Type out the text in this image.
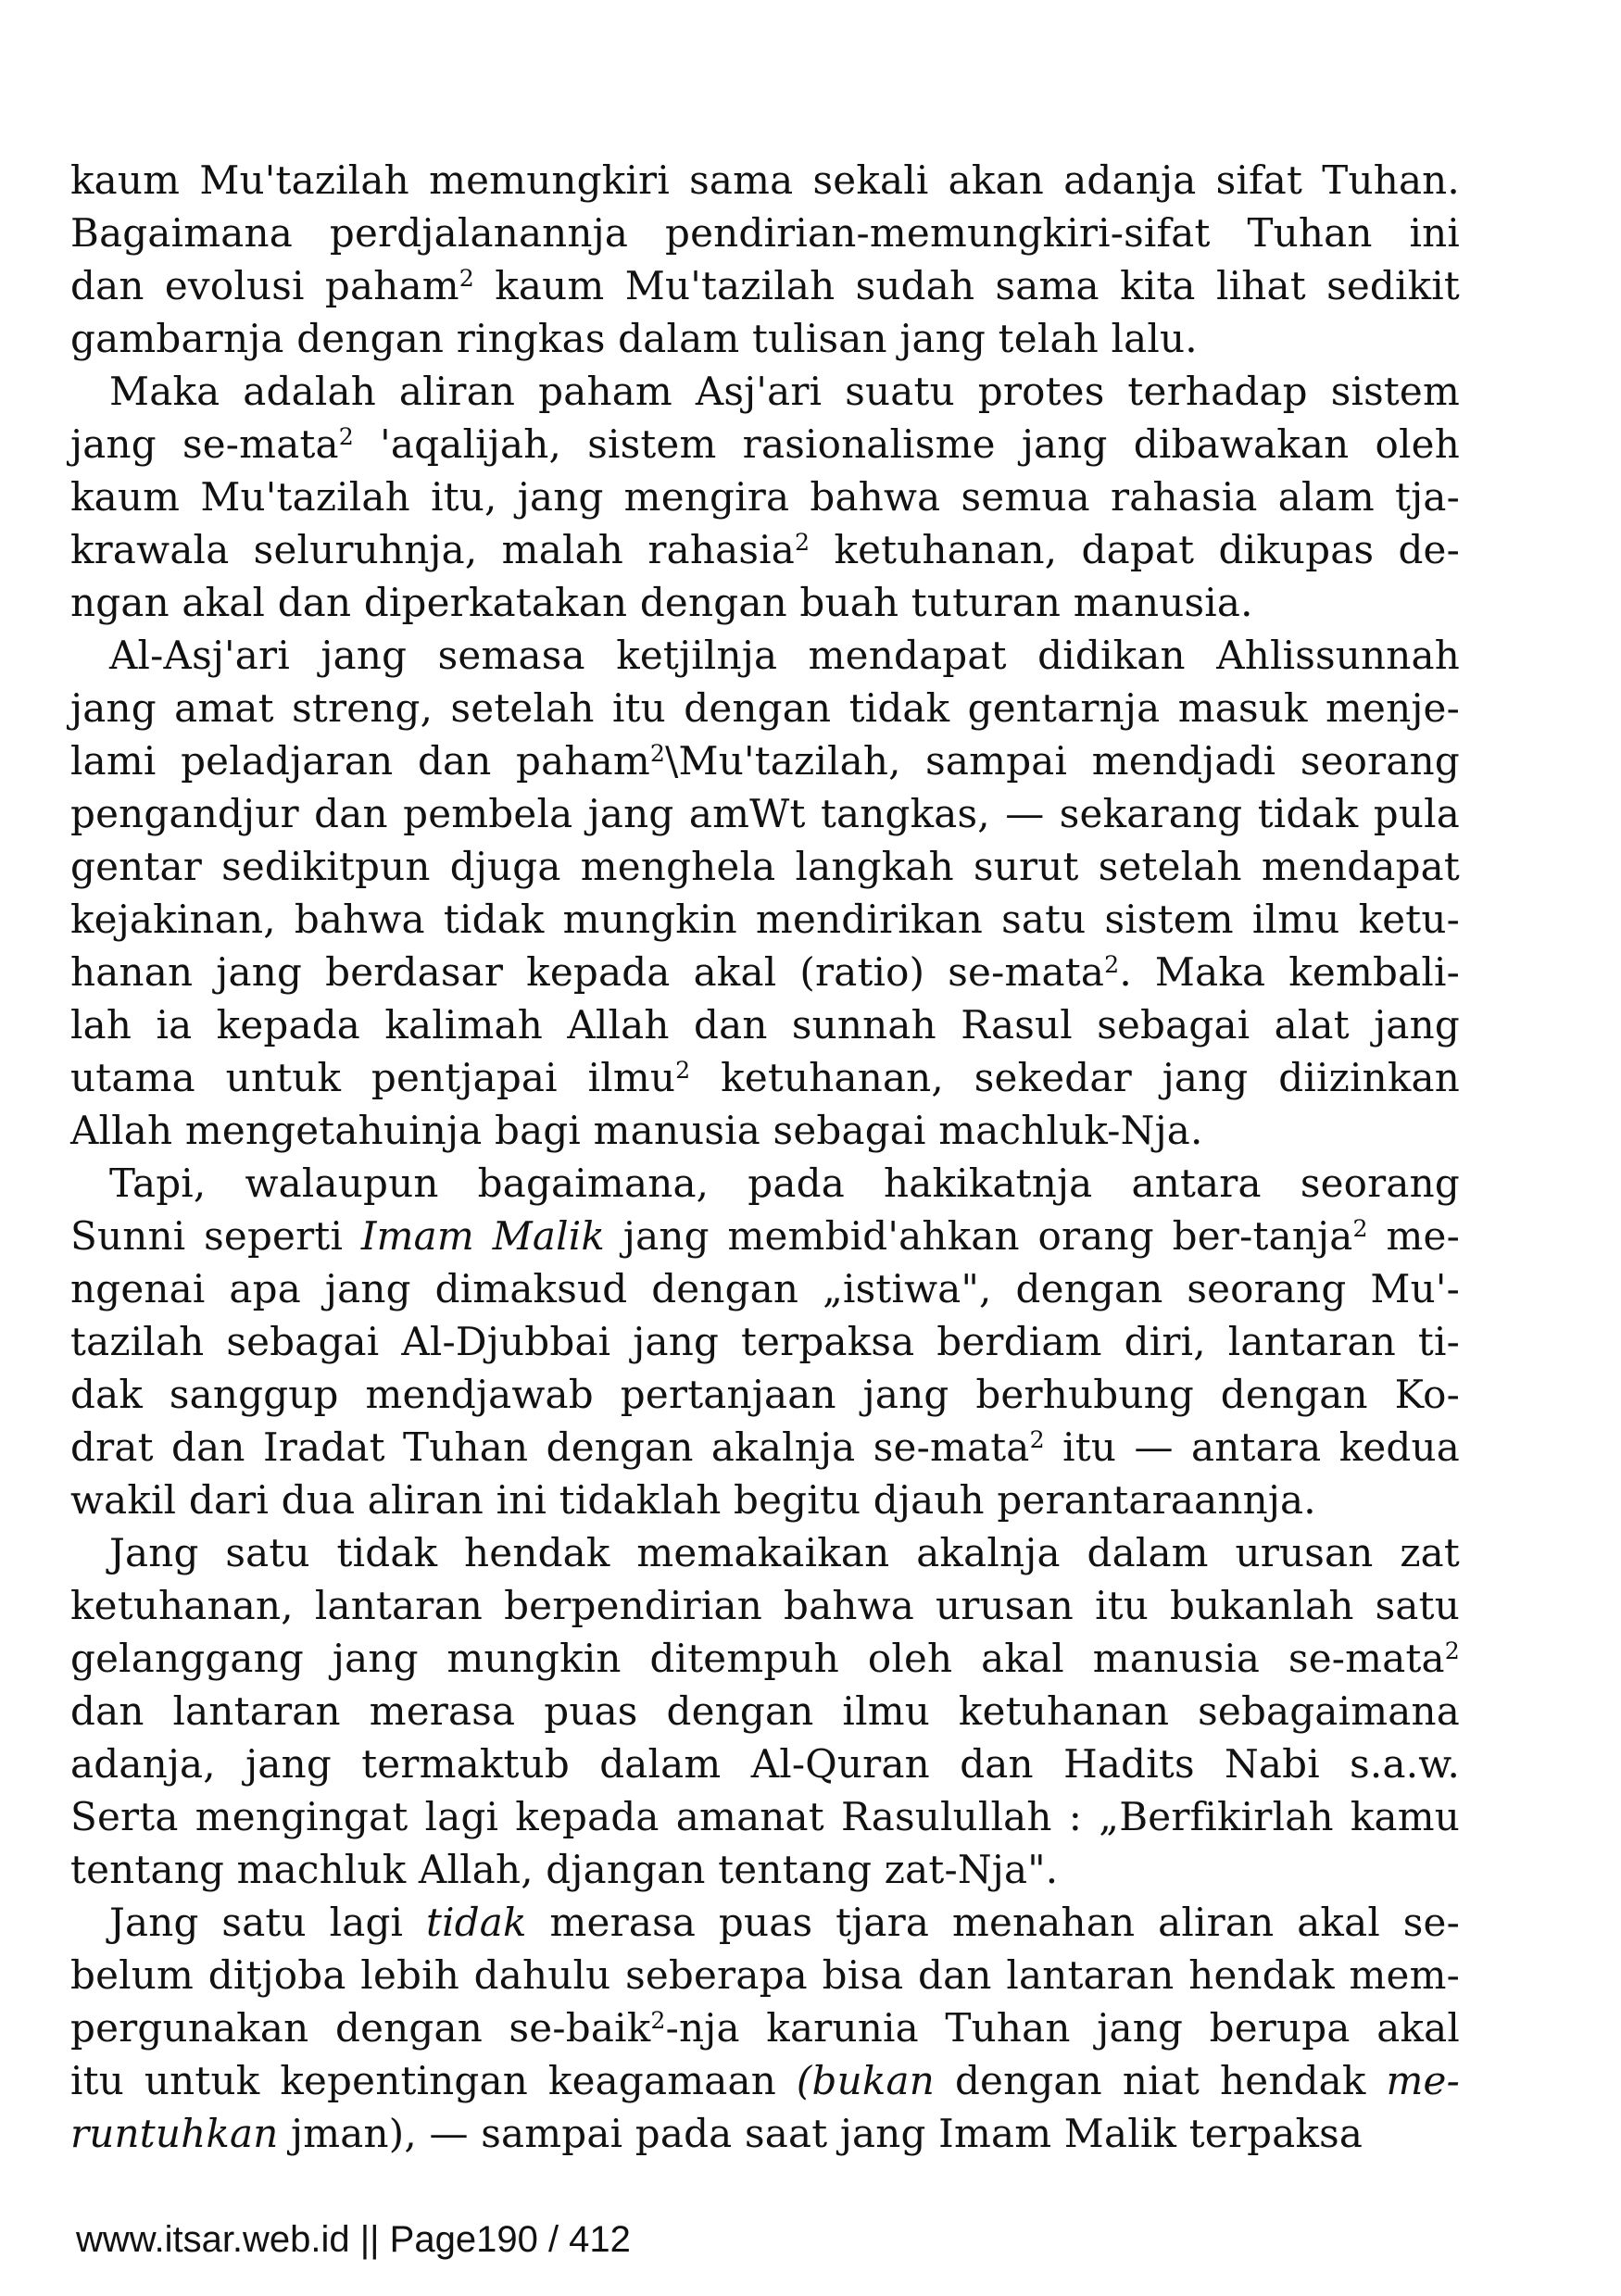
kaum Mu'tazilah memungkiri sama sekali akan adanja sifat Tuhan.
Bagaimana perdjalanannja pendirian-memungkiri-sifat Tuhan ini
dan evolusi paham$^2$ kaum Mu'tazilah sudah sama kita lihat sedikit
gambarnja dengan ringkas dalam tulisan jang telah lalu.
Maka adalah aliran paham Asj'ari suatu protes terhadap sistem
jang se-mata$^2$ 'aqalijah, sistem rasionalisme jang dibawakan oleh
kaum Mu'tazilah itu, jang mengira bahwa semua rahasia alam tja-
krawala seluruhnja, malah rahasia$^2$ ketuhanan, dapat dikupas de-
ngan akal dan diperkatakan dengan buah tuturan manusia.
Al-Asj'ari jang semasa ketjilnja mendapat didikan Ahlissunnah
jang amat streng, setelah itu dengan tidak gentarnja masuk menje-
lami peladjaran dan paham$^2$\Mu'tazilah, sampai mendjadi seorang
pengandjur dan pembela jang amWt tangkas, — sekarang tidak pula
gentar sedikitpun djuga menghela langkah surut setelah mendapat
kejakinan, bahwa tidak mungkin mendirikan satu sistem ilmu ketu-
hanan jang berdasar kepada akal (ratio) se-mata$^2$. Maka kembali-
lah ia kepada kalimah Allah dan sunnah Rasul sebagai alat jang
utama untuk pentjapai ilmu$^2$ ketuhanan, sekedar jang diizinkan
Allah mengetahuinja bagi manusia sebagai machluk-Nja.
Tapi, walaupun bagaimana, pada hakikatnja antara seorang
Sunni seperti Imam Malik jang membid'ahkan orang ber-tanja$^2$ me-
ngenai apa jang dimaksud dengan „istiwa", dengan seorang Mu'-
tazilah sebagai Al-Djubbai jang terpaksa berdiam diri, lantaran ti-
dak sanggup mendjawab pertanjaan jang berhubung dengan Ko-
drat dan Iradat Tuhan dengan akalnja se-mata$^2$ itu — antara kedua
wakil dari dua aliran ini tidaklah begitu djauh perantaraannja.
Jang satu tidak hendak memakaikan akalnja dalam urusan zat
ketuhanan, lantaran berpendirian bahwa urusan itu bukanlah satu
gelanggang jang mungkin ditempuh oleh akal manusia se-mata$^2$
dan lantaran merasa puas dengan ilmu ketuhanan sebagaimana
adanja, jang termaktub dalam Al-Quran dan Hadits Nabi s.a.w.
Serta mengingat lagi kepada amanat Rasulullah : „Berfikirlah kamu
tentang machluk Allah, djangan tentang zat-Nja".
Jang satu lagi tidak merasa puas tjara menahan aliran akal se-
belum ditjoba lebih dahulu seberapa bisa dan lantaran hendak mem-
pergunakan dengan se-baik$^2$-nja karunia Tuhan jang berupa akal
itu untuk kepentingan keagamaan (bukan dengan niat hendak me-
runtuhkan jman), — sampai pada saat jang Imam Malik terpaksa
www.itsar.web.id || Page190 / 412
